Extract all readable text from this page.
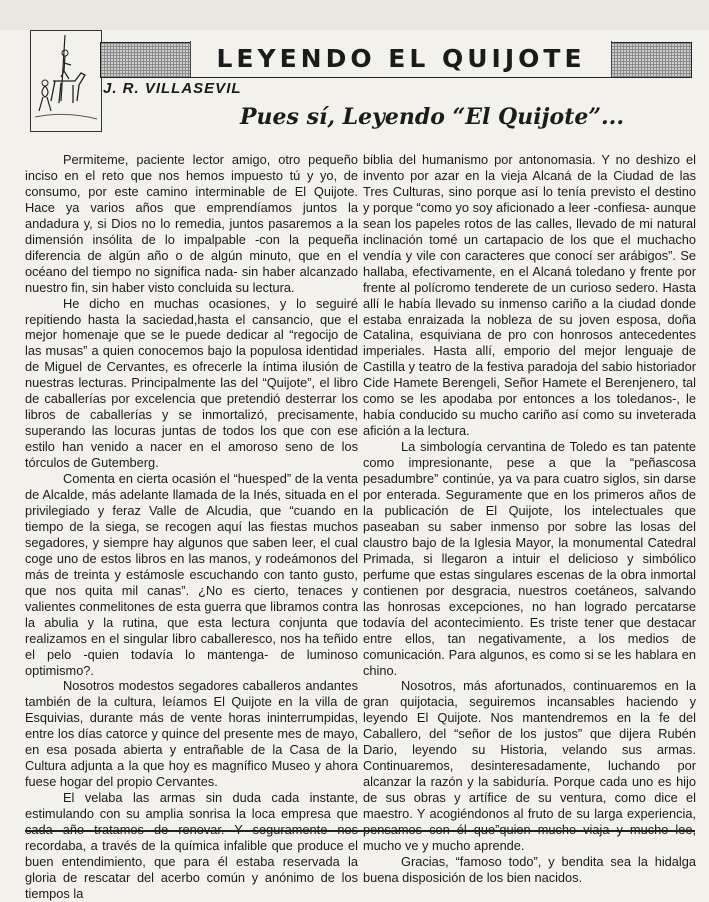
LEYENDO EL QUIJOTE
J. R. VILLASEVIL
Pues sí, Leyendo “El Quijote”...

Permiteme, paciente lector amigo, otro pequeño inciso en el reto que nos hemos impuesto tú y yo, de consumo, por este camino interminable de El Quijote. Hace ya varios años que emprendíamos juntos la andadura y, si Dios no lo remedia, juntos pasaremos a la dimensión insólita de lo impalpable -con la pequeña diferencia de algún año o de algún minuto, que en el océano del tiempo no significa nada- sin haber alcanzado nuestro fin, sin haber visto concluida su lectura.

He dicho en muchas ocasiones, y lo seguiré repitiendo hasta la saciedad,hasta el cansancio, que el mejor homenaje que se le puede dedicar al “regocijo de las musas” a quien conocemos bajo la populosa identidad de Miguel de Cervantes, es ofrecerle la íntima ilusión de nuestras lecturas. Principalmente las del “Quijote”, el libro de caballerías por excelencia que pretendió desterrar los libros de caballerías y se inmortalizó, precisamente, superando las locuras juntas de todos los que con ese estilo han venido a nacer en el amoroso seno de los tórculos de Gutemberg.

Comenta en cierta ocasión el “huesped” de la venta de Alcalde, más adelante llamada de la Inés, situada en el privilegiado y feraz Valle de Alcudia, que “cuando en tiempo de la siega, se recogen aquí las fiestas muchos segadores, y siempre hay algunos que saben leer, el cual coge uno de estos libros en las manos, y rodeámonos del más de treinta y estámosle escuchando con tanto gusto, que nos quita mil canas”. ¿No es cierto, tenaces y valientes conmelitones de esta guerra que libramos contra la abulia y la rutina, que esta lectura conjunta que realizamos en el singular libro caballeresco, nos ha teñido el pelo -quien todavía lo mantenga- de luminoso optimismo?.

Nosotros modestos segadores caballeros andantes también de la cultura, leíamos El Quijote en la villa de Esquivias, durante más de vente horas ininterrumpidas, entre los días catorce y quince del presente mes de mayo, en esa posada abierta y entrañable de la Casa de la Cultura adjunta a la que hoy es magnífico Museo y ahora fuese hogar del propio Cervantes.

El velaba las armas sin duda cada instante, estimulando con su amplia sonrisa la loca empresa que cada año tratamos de renovar. Y seguramente nos recordaba, a través de la química infalible que produce el buen entendimiento, que para él estaba reservada la gloria de rescatar del acerbo común y anónimo de los tiempos la

biblia del humanismo por antonomasia. Y no deshizo el invento por azar en la vieja Alcaná de la Ciudad de las Tres Culturas, sino porque así lo tenía previsto el destino y porque “como yo soy aficionado a leer -confiesa- aunque sean los papeles rotos de las calles, llevado de mi natural inclinación tomé un cartapacio de los que el muchacho vendía y vile con caracteres que conocí ser arábigos”. Se hallaba, efectivamente, en el Alcaná toledano y frente por frente al polícromo tenderete de un curioso sedero. Hasta allí le había llevado su inmenso cariño a la ciudad donde estaba enraizada la nobleza de su joven esposa, doña Catalina, esquiviana de pro con honrosos antecedentes imperiales. Hasta allí, emporio del mejor lenguaje de Castilla y teatro de la festiva paradoja del sabio historiador Cide Hamete Berengeli, Señor Hamete el Berenjenero, tal como se les apodaba por entonces a los toledanos-, le había conducido su mucho cariño así como su inveterada afición a la lectura.

La simbología cervantina de Toledo es tan patente como impresionante, pese a que la “peñascosa pesadumbre” continúe, ya va para cuatro siglos, sin darse por enterada. Seguramente que en los primeros años de la publicación de El Quijote, los intelectuales que paseaban su saber inmenso por sobre las losas del claustro bajo de la Iglesia Mayor, la monumental Catedral Primada, si llegaron a intuir el delicioso y simbólico perfume que estas singulares escenas de la obra inmortal contienen por desgracia, nuestros coetáneos, salvando las honrosas excepciones, no han logrado percatarse todavía del acontecimiento. Es triste tener que destacar entre ellos, tan negativamente, a los medios de comunicación. Para algunos, es como si se les hablara en chino.

Nosotros, más afortunados, continuaremos en la gran quijotacia, seguiremos incansables haciendo y leyendo El Quijote. Nos mantendremos en la fe del Caballero, del “señor de los justos” que dijera Rubén Dario, leyendo su Historia, velando sus armas. Continuaremos, desinteresadamente, luchando por alcanzar la razón y la sabiduría. Porque cada uno es hijo de sus obras y artífice de su ventura, como dice el maestro. Y acogiéndonos al fruto de su larga experiencia, pensamos con él que”quien mucho viaja y mucho lee, mucho ve y mucho aprende.

Gracias, “famoso todo”, y bendita sea la hidalga buena disposición de los bien nacidos.
